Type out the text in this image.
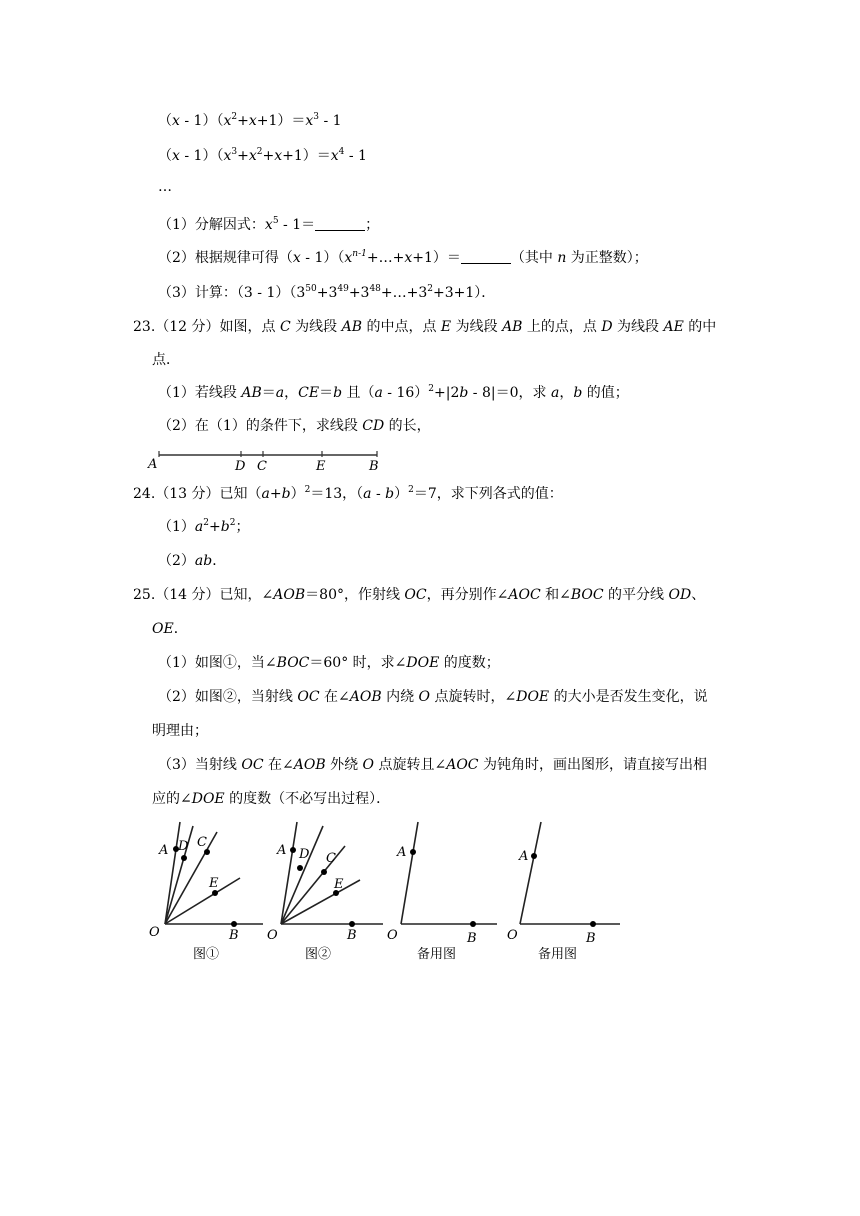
（x ‐ $1)(x^2+x+1)=x^3$ ‐ 1
（x ‐ $1)(x^3+x^2+x+1)=x^4$ ‐ 1
…
（1）分解因式：$x^5$ ‐ 1＝	；
（2）根据规律可得（x ‐ $1)(x^{n‐1}+\dots+x+1)=$	（其中 n 为正整数）；
（3）计算：（3 ‐ $1)(3^{50}+3^{49}+3^{48}+\dots+3^2+3+1)$．
23.（12 分）如图，点 C 为线段 AB 的中点，点 E 为线段 AB 上的点，点 D 为线段 AE 的中
点．
（1）若线段 AB＝a，CE＝b 且（a ‐ 16）$^2$+|2b ‐ 8|＝0，求 a，b 的值；
（2）在（1）的条件下，求线段 CD 的长，
A	D C	E	B
24.（13 分）已知$(a+b)^2=13$，（a ‐ b）$^2$＝7，求下列各式的值：
$(1)a^2+b^2$；
（2）ab．
25.（14 分）已知，∠AOB＝80°，作射线 OC，再分别作∠AOC 和∠BOC 的平分线 OD、
OE．
（1）如图①，当∠BOC＝60° 时，求∠DOE 的度数；
（2）如图②，当射线 OC 在∠AOB 内绕 O 点旋转时，∠DOE 的大小是否发生变化，说
明理由；
（3）当射线 OC 在∠AOB 外绕 O 点旋转且∠AOC 为钝角时，画出图形，请直接写出相
应的∠DOE 的度数（不必写出过程）．
A D C
E
O	B
图①
A D C
E
O	B
图②
A
O	B
备用图
A
O	B
备用图
